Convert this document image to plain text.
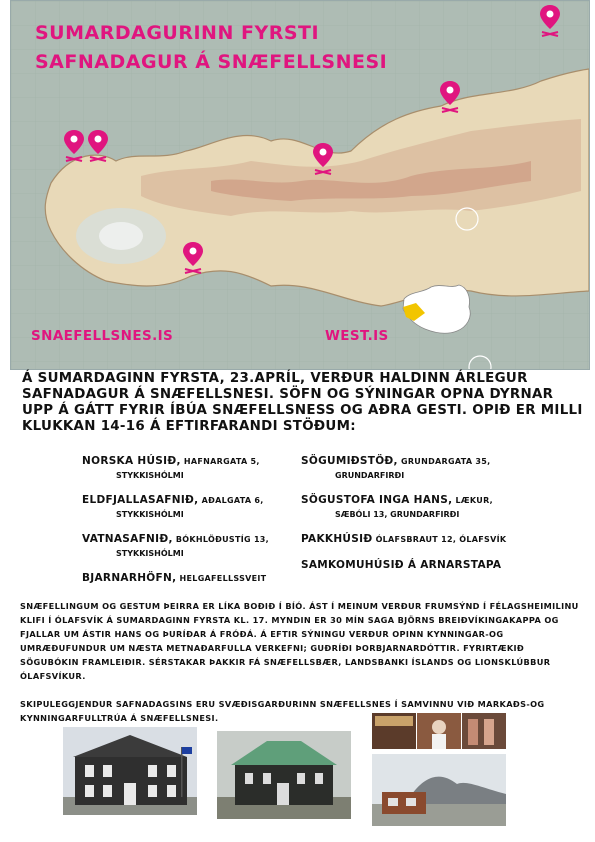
SUMARDAGURINN FYRSTI
SAFNADAGUR Á SNÆFELLSNESI
SNAEFELLSNES.IS	WEST.IS

Á SUMARDAGINN FYRSTA, 23.APRÍL, VERÐUR HALDINN ÁRLEGUR SAFNADAGUR Á SNÆFELLSNESI. SÖFN OG SÝNINGAR OPNA DYRNAR UPP Á GÁTT FYRIR ÍBÚA SNÆFELLSNESS OG AÐRA GESTI. OPIÐ ER MILLI KLUKKAN 14-16 Á EFTIRFARANDI STÖÐUM:

NORSKA HÚSIÐ, HAFNARGATA 5,
STYKKISHÓLMI
ELDFJALLASAFNIÐ, AÐALGATA 6,
STYKKISHÓLMI
VATNASAFNIÐ, BÓKHLÖÐUSTÍG 13,
STYKKISHÓLMI
BJARNARHÖFN, HELGAFELLSSVEIT
SÖGUMIÐSTÖÐ, GRUNDARGATA 35,
GRUNDARFIRÐI
SÖGUSTOFA INGA HANS, LÆKUR,
SÆBÓLI 13, GRUNDARFIRÐI
PAKKHÚSIÐ ÓLAFSBRAUT 12, ÓLAFSVÍK
SAMKOMUHÚSIÐ Á ARNARSTAPA

SNÆFELLINGUM OG GESTUM ÞEIRRA ER LÍKA BOÐIÐ Í BÍÓ. ÁST Í MEINUM VERÐUR FRUMSÝND Í FÉLAGSHEIMILINU KLIFI Í ÓLAFSVÍK Á SUMARDAGINN FYRSTA KL. 17. MYNDIN ER 30 MÍN SAGA BJÖRNS BREIÐVÍKINGAKAPPA OG FJALLAR UM ÁSTIR HANS OG ÞURÍÐAR Á FRÓÐÁ. Á EFTIR SÝNINGU VERÐUR OPINN KYNNINGAR-OG UMRÆÐUFUNDUR UM NÆSTA METNAÐARFULLA VERKEFNI; GUÐRÍÐI ÞORBJARNARDÓTTIR. FYRIRTÆKIÐ SÖGUBÓKIN FRAMLEIÐIR. SÉRSTAKAR ÞAKKIR FÁ SNÆFELLSBÆR, LANDSBANKI ÍSLANDS OG LIONSKLÚBBUR ÓLAFSVÍKUR.

SKIPULEGGJENDUR SAFNADAGSINS ERU SVÆÐISGARÐURINN SNÆFELLSNES Í SAMVINNU VIÐ MARKAÐS-OG KYNNINGARFULLTRÚA Á SNÆFELLSNESI.
